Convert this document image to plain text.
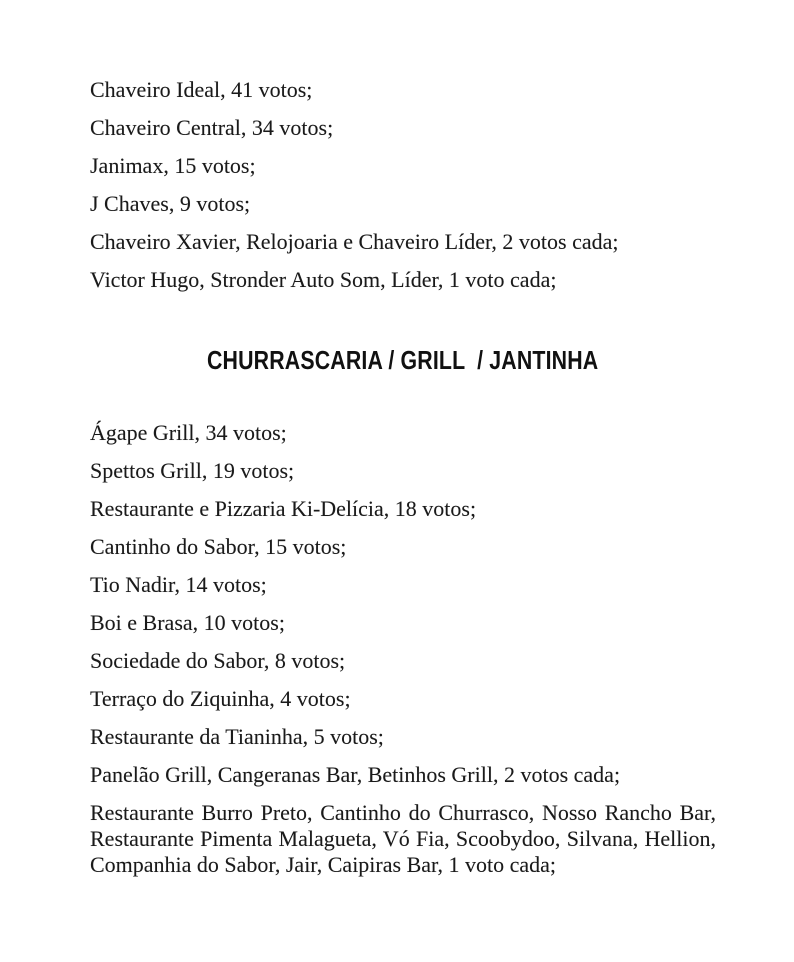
Chaveiro Ideal, 41 votos;

Chaveiro Central, 34 votos;

Janimax, 15 votos;

J Chaves, 9 votos;

Chaveiro Xavier, Relojoaria e Chaveiro Líder, 2 votos cada;

Victor Hugo, Stronder Auto Som, Líder, 1 voto cada;

CHURRASCARIA / GRILL  / JANTINHA

Ágape Grill, 34 votos;

Spettos Grill, 19 votos;

Restaurante e Pizzaria Ki-Delícia, 18 votos;

Cantinho do Sabor, 15 votos;

Tio Nadir, 14 votos;

Boi e Brasa, 10 votos;

Sociedade do Sabor, 8 votos;

Terraço do Ziquinha, 4 votos;

Restaurante da Tianinha, 5 votos;

Panelão Grill, Cangeranas Bar, Betinhos Grill, 2 votos cada;

Restaurante Burro Preto, Cantinho do Churrasco, Nosso Rancho Bar, Restaurante Pimenta Malagueta, Vó Fia, Scoobydoo, Silvana, Hellion, Companhia do Sabor, Jair, Caipiras Bar, 1 voto cada;
